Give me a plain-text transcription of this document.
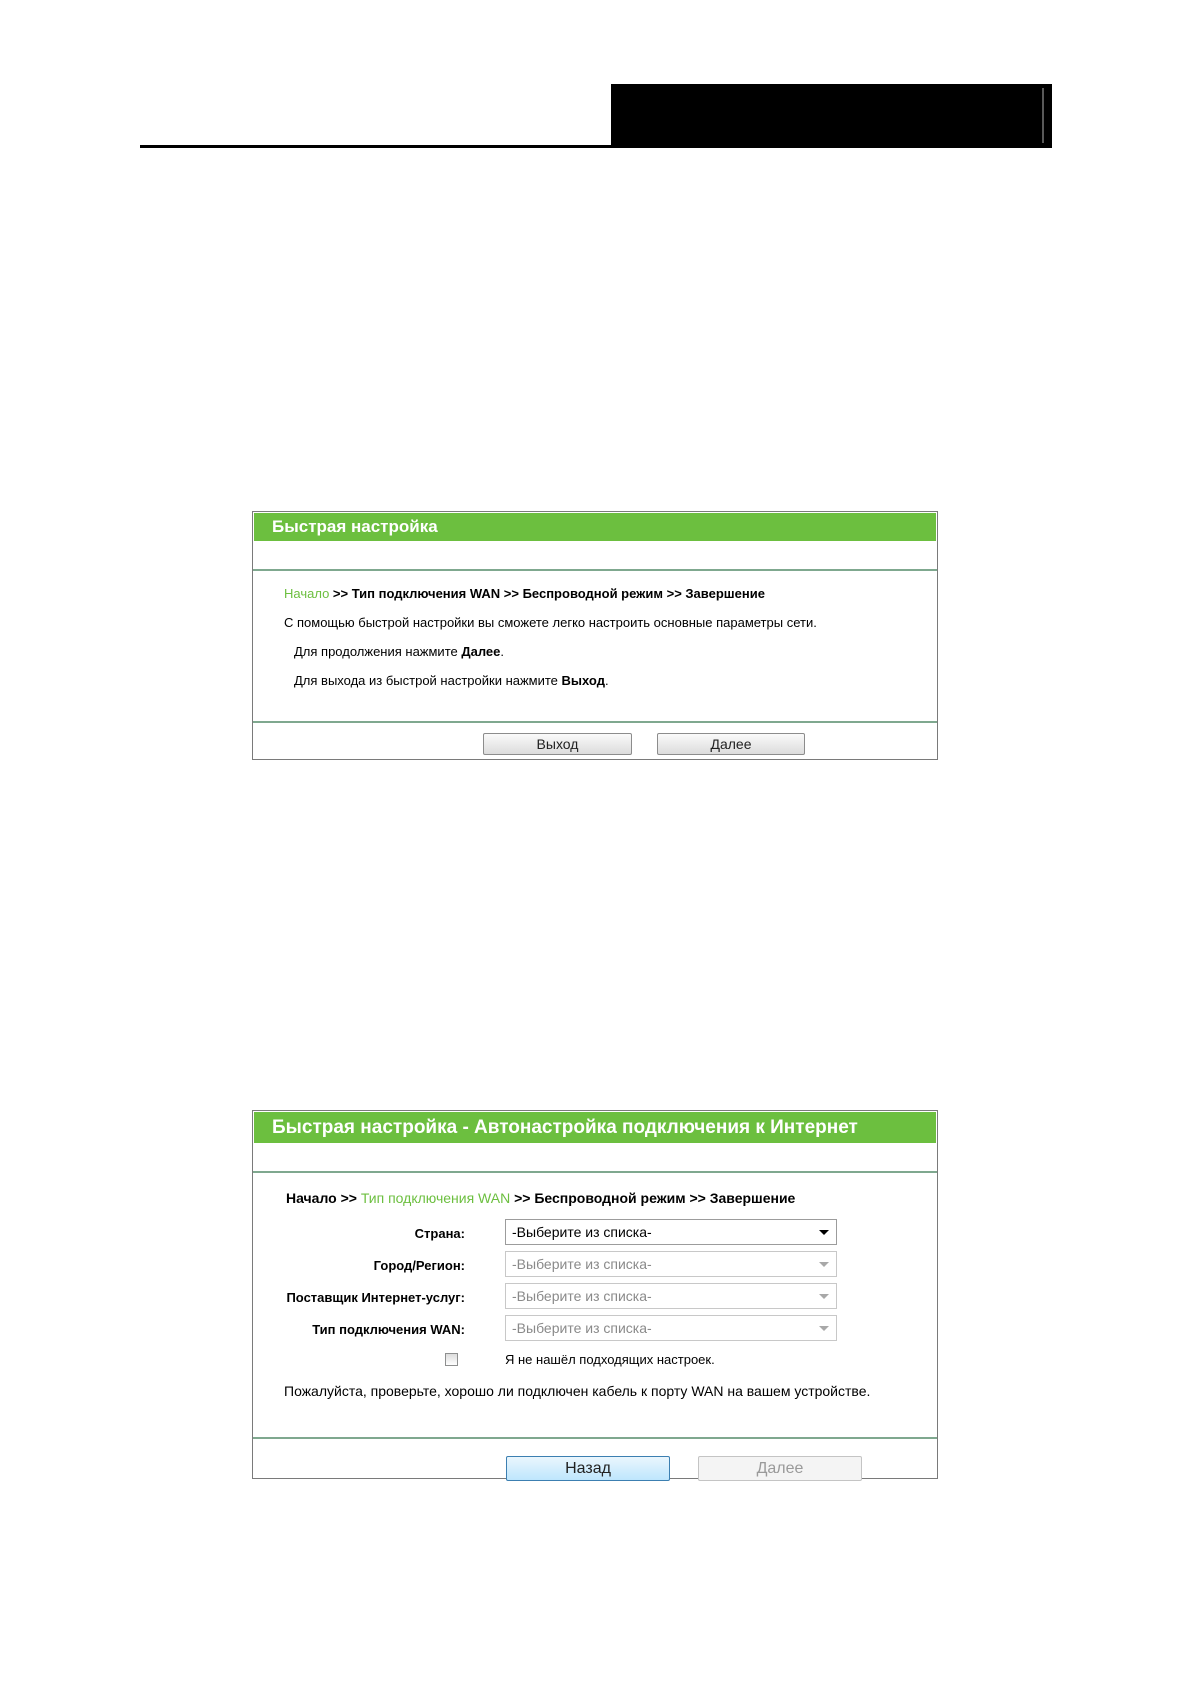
Быстрая настройка
Начало >> Тип подключения WAN >> Беспроводной режим >> Завершение
С помощью быстрой настройки вы сможете легко настроить основные параметры сети.
Для продолжения нажмите Далее.
Для выхода из быстрой настройки нажмите Выход.
Выход	Далее
Быстрая настройка - Автонастройка подключения к Интернет
Начало >> Тип подключения WAN >> Беспроводной режим >> Завершение
Страна:	-Выберите из списка-
Город/Регион:	-Выберите из списка-
Поставщик Интернет-услуг:	-Выберите из списка-
Тип подключения WAN:	-Выберите из списка-
Я не нашёл подходящих настроек.
Пожалуйста, проверьте, хорошо ли подключен кабель к порту WAN на вашем устройстве.
Назад	Далее
